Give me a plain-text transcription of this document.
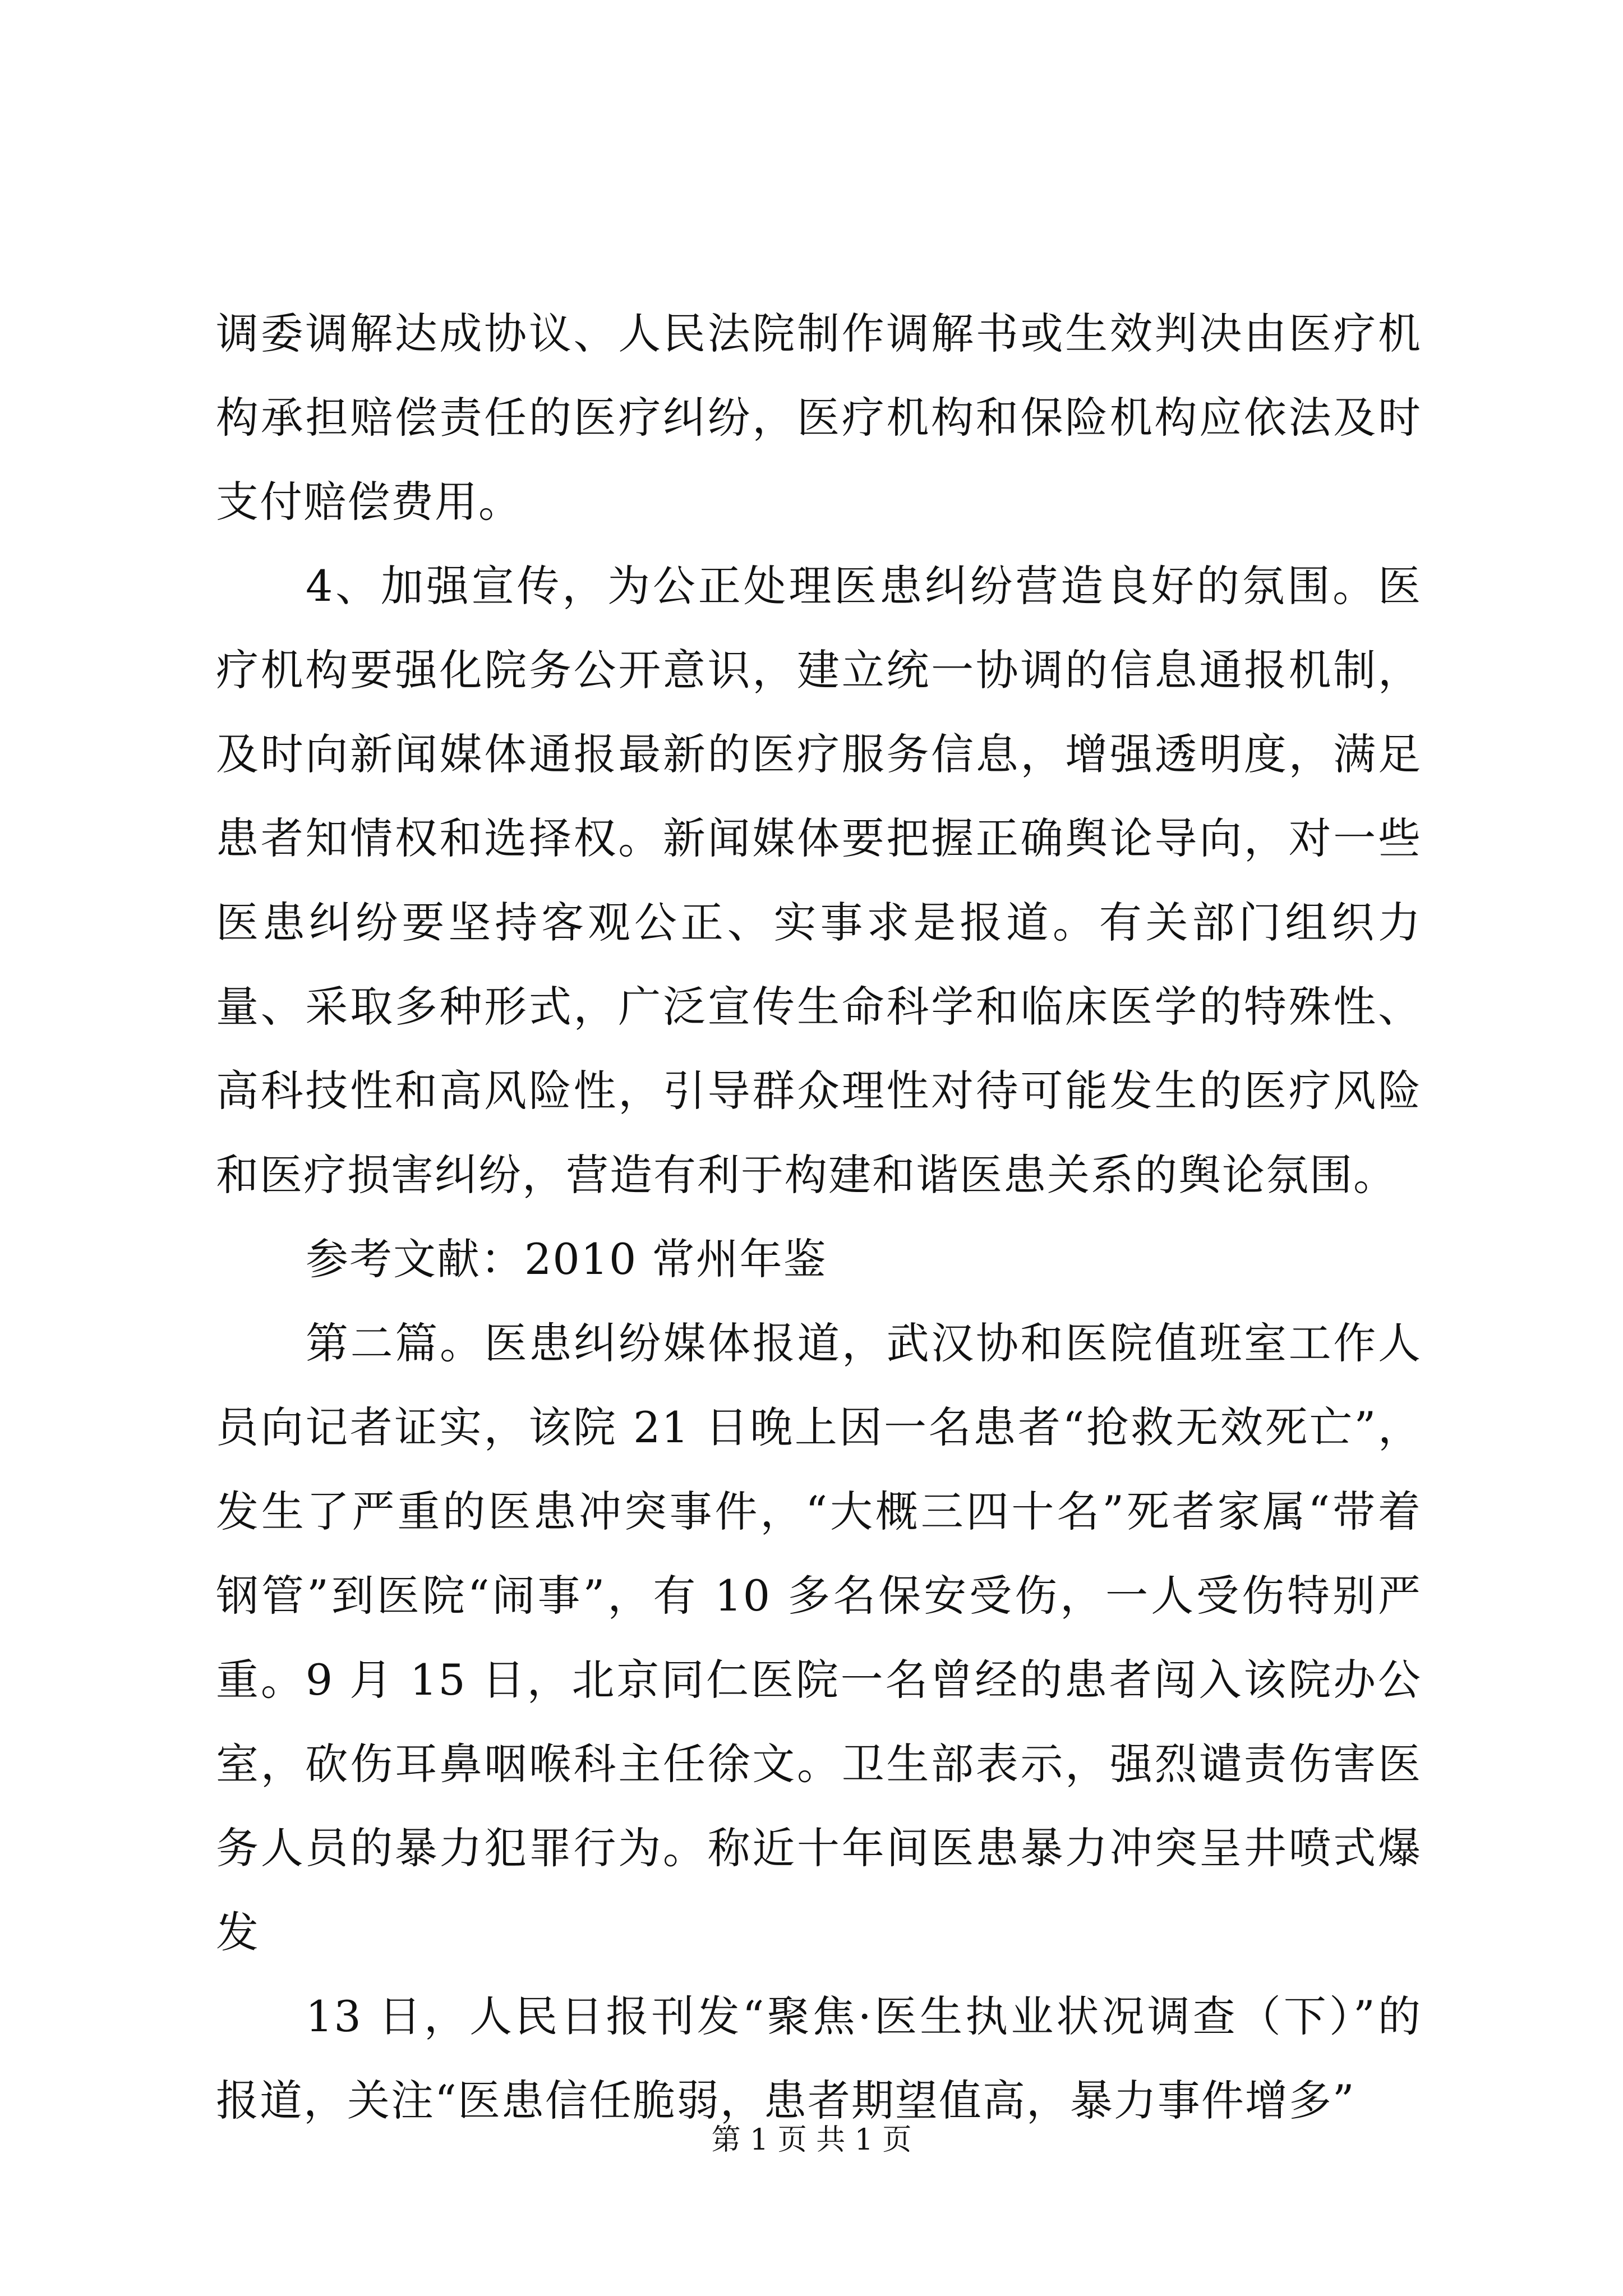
调委调解达成协议、人民法院制作调解书或生效判决由医疗机构承担赔偿责任的医疗纠纷，医疗机构和保险机构应依法及时支付赔偿费用。

4、加强宣传，为公正处理医患纠纷营造良好的氛围。医疗机构要强化院务公开意识，建立统一协调的信息通报机制，及时向新闻媒体通报最新的医疗服务信息，增强透明度，满足患者知情权和选择权。新闻媒体要把握正确舆论导向，对一些医患纠纷要坚持客观公正、实事求是报道。有关部门组织力量、采取多种形式，广泛宣传生命科学和临床医学的特殊性、高科技性和高风险性，引导群众理性对待可能发生的医疗风险和医疗损害纠纷，营造有利于构建和谐医患关系的舆论氛围。

参考文献：2010 常州年鉴

第二篇。医患纠纷媒体报道，武汉协和医院值班室工作人员向记者证实，该院 21 日晚上因一名患者“抢救无效死亡”，发生了严重的医患冲突事件，“大概三四十名”死者家属“带着钢管”到医院“闹事”，有 10 多名保安受伤，一人受伤特别严重。9 月 15 日，北京同仁医院一名曾经的患者闯入该院办公室，砍伤耳鼻咽喉科主任徐文。卫生部表示，强烈谴责伤害医务人员的暴力犯罪行为。称近十年间医患暴力冲突呈井喷式爆发

13 日，人民日报刊发“聚焦·医生执业状况调查（下）”的报道，关注“医患信任脆弱，患者期望值高，暴力事件增多”

第 1 页 共 1 页
